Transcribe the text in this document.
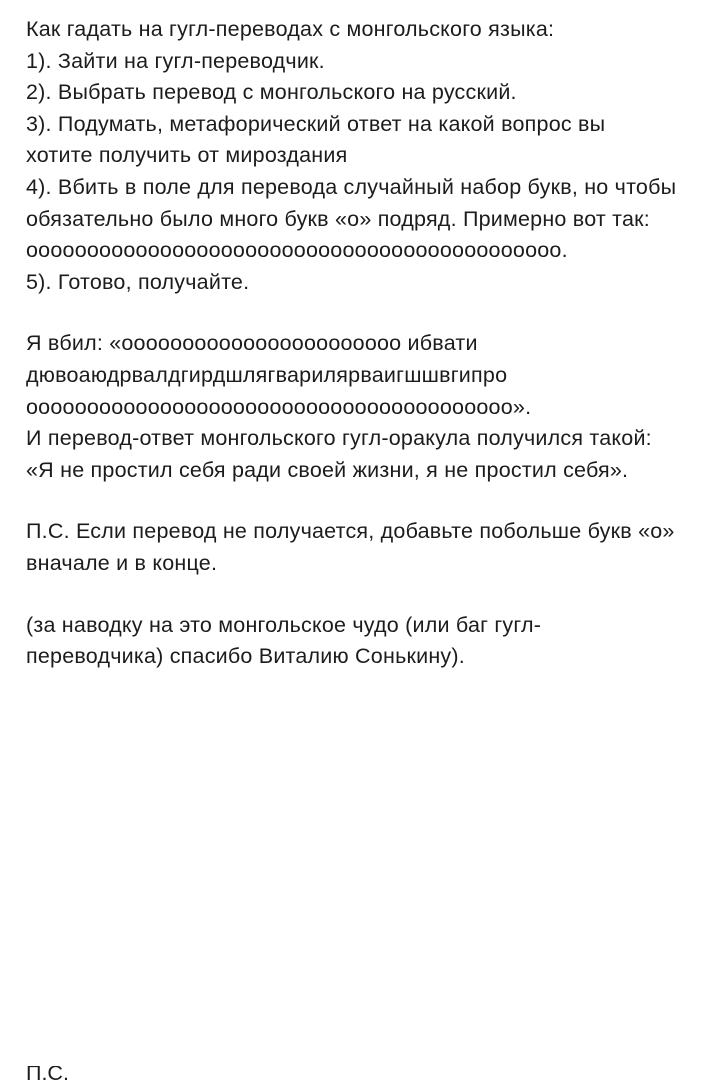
Как гадать на гугл-переводах с монгольского языка:

1). Зайти на гугл-переводчик.

2). Выбрать перевод с монгольского на русский.

3). Подумать, метафорический ответ на какой вопрос вы хотите получить от мироздания

4). Вбить в поле для перевода случайный набор букв, но чтобы обязательно было много букв «о» подряд. Примерно вот так:

оооооооооооооооооооооооооооооооооооооооооооо.

5). Готово, получайте.

Я вбил: «ооооооооооооооооооооооо ибвати дювоаюдрвалдгирдшлягварилярваигшшвгипро оооооооооооооооооооооооооооооооооооооооо».

И перевод-ответ монгольского гугл-оракула получился такой:

«Я не простил себя ради своей жизни, я не простил себя».

П.С. Если перевод не получается, добавьте побольше букв «о» вначале и в конце.

(за наводку на это монгольское чудо (или баг гугл-переводчика) спасибо Виталию Сонькину).

П.С.
